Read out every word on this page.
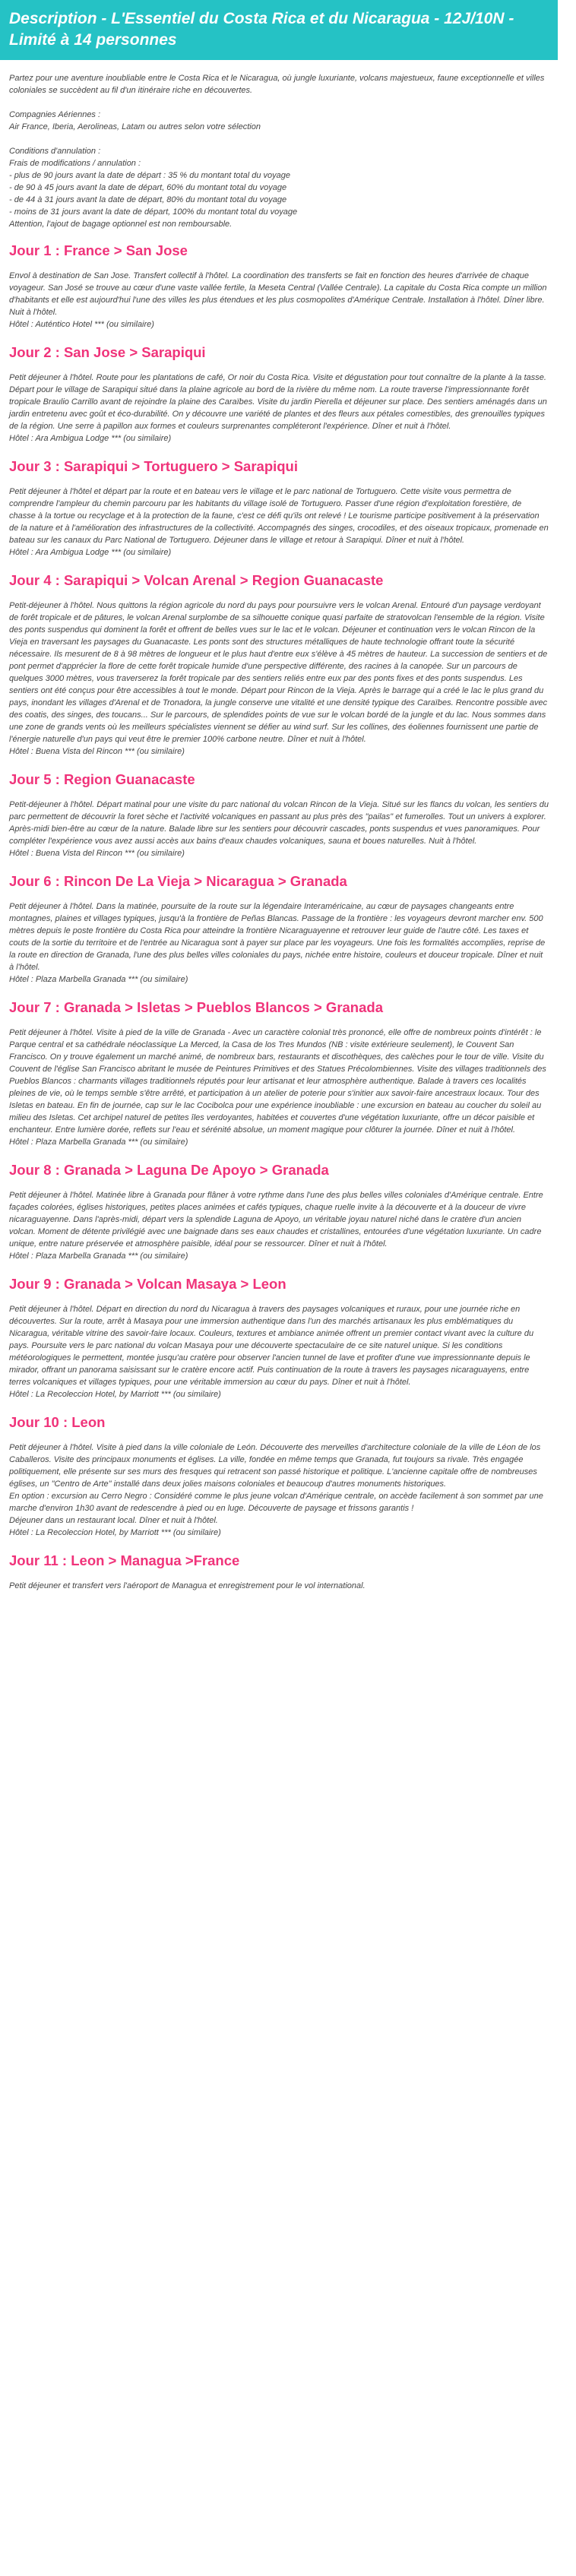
Description - L'Essentiel du Costa Rica et du Nicaragua - 12J/10N - Limité à 14 personnes

Partez pour une aventure inoubliable entre le Costa Rica et le Nicaragua, où jungle luxuriante, volcans majestueux, faune exceptionnelle et villes coloniales se succèdent au fil d'un itinéraire riche en découvertes.

Compagnies Aériennes :
Air France, Iberia, Aerolineas, Latam ou autres selon votre sélection

Conditions d'annulation :
Frais de modifications / annulation :
- plus de 90 jours avant la date de départ : 35 % du montant total du voyage
- de 90 à 45 jours avant la date de départ, 60% du montant total du voyage
- de 44 à 31 jours avant la date de départ, 80% du montant total du voyage
- moins de 31 jours avant la date de départ, 100% du montant total du voyage
Attention, l'ajout de bagage optionnel est non remboursable.

Jour 1 : France > San Jose

Envol à destination de San Jose. Transfert collectif à l'hôtel. La coordination des transferts se fait en fonction des heures d'arrivée de chaque voyageur. San José se trouve au cœur d'une vaste vallée fertile, la Meseta Central (Vallée Centrale). La capitale du Costa Rica compte un million d'habitants et elle est aujourd'hui l'une des villes les plus étendues et les plus cosmopolites d'Amérique Centrale. Installation à l'hôtel. Dîner libre. Nuit à l'hôtel.
Hôtel : Auténtico Hotel *** (ou similaire)

Jour 2 : San Jose > Sarapiqui

Petit déjeuner à l'hôtel. Route pour les plantations de café, Or noir du Costa Rica. Visite et dégustation pour tout connaître de la plante à la tasse. Départ pour le village de Sarapiqui situé dans la plaine agricole au bord de la rivière du même nom. La route traverse l'impressionnante forêt tropicale Braulio Carrillo avant de rejoindre la plaine des Caraïbes. Visite du jardin Pierella et déjeuner sur place. Des sentiers aménagés dans un jardin entretenu avec goût et éco-durabilité. On y découvre une variété de plantes et des fleurs aux pétales comestibles, des grenouilles typiques de la région. Une serre à papillon aux formes et couleurs surprenantes compléteront l'expérience. Dîner et nuit à l'hôtel.
Hôtel : Ara Ambigua Lodge *** (ou similaire)

Jour 3 : Sarapiqui > Tortuguero > Sarapiqui

Petit déjeuner à l'hôtel et départ par la route et en bateau vers le village et le parc national de Tortuguero. Cette visite vous permettra de comprendre l'ampleur du chemin parcouru par les habitants du village isolé de Tortuguero. Passer d'une région d'exploitation forestière, de chasse à la tortue ou recyclage et à la protection de la faune, c'est ce défi qu'ils ont relevé ! Le tourisme participe positivement à la préservation de la nature et à l'amélioration des infrastructures de la collectivité. Accompagnés des singes, crocodiles, et des oiseaux tropicaux, promenade en bateau sur les canaux du Parc National de Tortuguero. Déjeuner dans le village et retour à Sarapiqui. Dîner et nuit à l'hôtel.
Hôtel : Ara Ambigua Lodge *** (ou similaire)

Jour 4 : Sarapiqui > Volcan Arenal > Region Guanacaste

Petit-déjeuner à l'hôtel. Nous quittons la région agricole du nord du pays pour poursuivre vers le volcan Arenal. Entouré d'un paysage verdoyant de forêt tropicale et de pâtures, le volcan Arenal surplombe de sa silhouette conique quasi parfaite de stratovolcan l'ensemble de la région. Visite des ponts suspendus qui dominent la forêt et offrent de belles vues sur le lac et le volcan. Déjeuner et continuation vers le volcan Rincon de la Vieja en traversant les paysages du Guanacaste. Les ponts sont des structures métalliques de haute technologie offrant toute la sécurité nécessaire. Ils mesurent de 8 à 98 mètres de longueur et le plus haut d'entre eux s'élève à 45 mètres de hauteur. La succession de sentiers et de pont permet d'apprécier la flore de cette forêt tropicale humide d'une perspective différente, des racines à la canopée. Sur un parcours de quelques 3000 mètres, vous traverserez la forêt tropicale par des sentiers reliés entre eux par des ponts fixes et des ponts suspendus. Les sentiers ont été conçus pour être accessibles à tout le monde. Départ pour Rincon de la Vieja. Après le barrage qui a créé le lac le plus grand du pays, inondant les villages d'Arenal et de Tronadora, la jungle conserve une vitalité et une densité typique des Caraïbes. Rencontre possible avec des coatis, des singes, des toucans... Sur le parcours, de splendides points de vue sur le volcan bordé de la jungle et du lac. Nous sommes dans une zone de grands vents où les meilleurs spécialistes viennent se défier au wind surf. Sur les collines, des éoliennes fournissent une partie de l'énergie naturelle d'un pays qui veut être le premier 100% carbone neutre. Dîner et nuit à l'hôtel.
Hôtel : Buena Vista del Rincon *** (ou similaire)

Jour 5 : Region Guanacaste

Petit-déjeuner à l'hôtel. Départ matinal pour une visite du parc national du volcan Rincon de la Vieja. Situé sur les flancs du volcan, les sentiers du parc permettent de découvrir la foret sèche et l'activité volcaniques en passant au plus près des "pailas" et fumerolles. Tout un univers à explorer. Après-midi bien-être au cœur de la nature. Balade libre sur les sentiers pour découvrir cascades, ponts suspendus et vues panoramiques. Pour compléter l'expérience vous avez aussi accès aux bains d'eaux chaudes volcaniques, sauna et boues naturelles. Nuit à l'hôtel.
Hôtel : Buena Vista del Rincon *** (ou similaire)

Jour 6 : Rincon De La Vieja > Nicaragua > Granada

Petit déjeuner à l'hôtel. Dans la matinée, poursuite de la route sur la légendaire Interaméricaine, au cœur de paysages changeants entre montagnes, plaines et villages typiques, jusqu'à la frontière de Peñas Blancas. Passage de la frontière : les voyageurs devront marcher env. 500 mètres depuis le poste frontière du Costa Rica pour atteindre la frontière Nicaraguayenne et retrouver leur guide de l'autre côté. Les taxes et couts de la sortie du territoire et de l'entrée au Nicaragua sont à payer sur place par les voyageurs. Une fois les formalités accomplies, reprise de la route en direction de Granada, l'une des plus belles villes coloniales du pays, nichée entre histoire, couleurs et douceur tropicale. Dîner et nuit à l'hôtel.
Hôtel : Plaza Marbella Granada *** (ou similaire)

Jour 7 : Granada > Isletas > Pueblos Blancos > Granada

Petit déjeuner à l'hôtel. Visite à pied de la ville de Granada - Avec un caractère colonial très prononcé, elle offre de nombreux points d'intérêt : le Parque central et sa cathédrale néoclassique La Merced, la Casa de los Tres Mundos (NB : visite extérieure seulement), le Couvent San Francisco. On y trouve également un marché animé, de nombreux bars, restaurants et discothèques, des calèches pour le tour de ville. Visite du Couvent de l'église San Francisco abritant le musée de Peintures Primitives et des Statues Précolombiennes. Visite des villages traditionnels des Pueblos Blancos : charmants villages traditionnels réputés pour leur artisanat et leur atmosphère authentique. Balade à travers ces localités pleines de vie, où le temps semble s'être arrêté, et participation à un atelier de poterie pour s'initier aux savoir-faire ancestraux locaux. Tour des Isletas en bateau. En fin de journée, cap sur le lac Cocibolca pour une expérience inoubliable : une excursion en bateau au coucher du soleil au milieu des Isletas. Cet archipel naturel de petites îles verdoyantes, habitées et couvertes d'une végétation luxuriante, offre un décor paisible et enchanteur. Entre lumière dorée, reflets sur l'eau et sérénité absolue, un moment magique pour clôturer la journée. Dîner et nuit à l'hôtel.
Hôtel : Plaza Marbella Granada *** (ou similaire)

Jour 8 : Granada > Laguna De Apoyo > Granada

Petit déjeuner à l'hôtel. Matinée libre à Granada pour flâner à votre rythme dans l'une des plus belles villes coloniales d'Amérique centrale. Entre façades colorées, églises historiques, petites places animées et cafés typiques, chaque ruelle invite à la découverte et à la douceur de vivre nicaraguayenne. Dans l'après-midi, départ vers la splendide Laguna de Apoyo, un véritable joyau naturel niché dans le cratère d'un ancien volcan. Moment de détente privilégié avec une baignade dans ses eaux chaudes et cristallines, entourées d'une végétation luxuriante. Un cadre unique, entre nature préservée et atmosphère paisible, idéal pour se ressourcer. Dîner et nuit à l'hôtel.
Hôtel : Plaza Marbella Granada *** (ou similaire)

Jour 9 : Granada > Volcan Masaya > Leon

Petit déjeuner à l'hôtel. Départ en direction du nord du Nicaragua à travers des paysages volcaniques et ruraux, pour une journée riche en découvertes. Sur la route, arrêt à Masaya pour une immersion authentique dans l'un des marchés artisanaux les plus emblématiques du Nicaragua, véritable vitrine des savoir-faire locaux. Couleurs, textures et ambiance animée offrent un premier contact vivant avec la culture du pays. Poursuite vers le parc national du volcan Masaya pour une découverte spectaculaire de ce site naturel unique. Si les conditions météorologiques le permettent, montée jusqu'au cratère pour observer l'ancien tunnel de lave et profiter d'une vue impressionnante depuis le mirador, offrant un panorama saisissant sur le cratère encore actif. Puis continuation de la route à travers les paysages nicaraguayens, entre terres volcaniques et villages typiques, pour une véritable immersion au cœur du pays. Dîner et nuit à l'hôtel.
Hôtel : La Recoleccion Hotel, by Marriott *** (ou similaire)

Jour 10 : Leon

Petit déjeuner à l'hôtel. Visite à pied dans la ville coloniale de León. Découverte des merveilles d'architecture coloniale de la ville de Léon de los Caballeros. Visite des principaux monuments et églises. La ville, fondée en même temps que Granada, fut toujours sa rivale. Très engagée politiquement, elle présente sur ses murs des fresques qui retracent son passé historique et politique. L'ancienne capitale offre de nombreuses églises, un "Centro de Arte" installé dans deux jolies maisons coloniales et beaucoup d'autres monuments historiques.
En option : excursion au Cerro Negro : Considéré comme le plus jeune volcan d'Amérique centrale, on accède facilement à son sommet par une marche d'environ 1h30 avant de redescendre à pied ou en luge. Découverte de paysage et frissons garantis !
Déjeuner dans un restaurant local. Dîner et nuit à l'hôtel.
Hôtel : La Recoleccion Hotel, by Marriott *** (ou similaire)

Jour 11 : Leon > Managua >France

Petit déjeuner et transfert vers l'aéroport de Managua et enregistrement pour le vol international.
